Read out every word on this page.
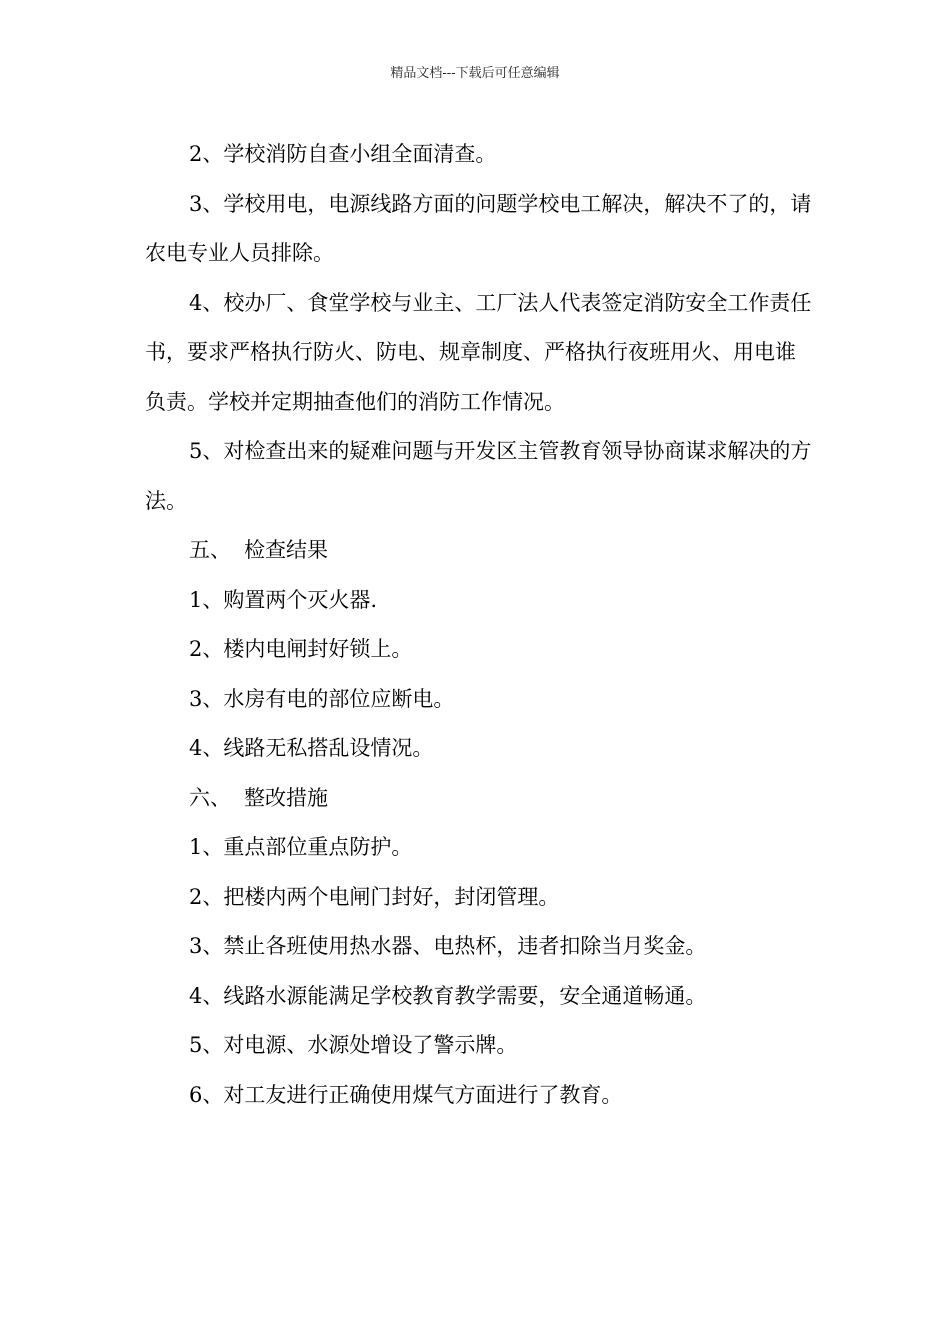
精品文档---下载后可任意编辑

2、学校消防自查小组全面清查。

3、学校用电，电源线路方面的问题学校电工解决，解决不了的，请农电专业人员排除。

4、校办厂、食堂学校与业主、工厂法人代表签定消防安全工作责任书，要求严格执行防火、防电、规章制度、严格执行夜班用火、用电谁负责。学校并定期抽查他们的消防工作情况。

5、对检查出来的疑难问题与开发区主管教育领导协商谋求解决的方法。

五、 检查结果

1、购置两个灭火器.

2、楼内电闸封好锁上。

3、水房有电的部位应断电。

4、线路无私搭乱设情况。

六、 整改措施

1、重点部位重点防护。

2、把楼内两个电闸门封好，封闭管理。

3、禁止各班使用热水器、电热杯，违者扣除当月奖金。

4、线路水源能满足学校教育教学需要，安全通道畅通。

5、对电源、水源处增设了警示牌。

6、对工友进行正确使用煤气方面进行了教育。
